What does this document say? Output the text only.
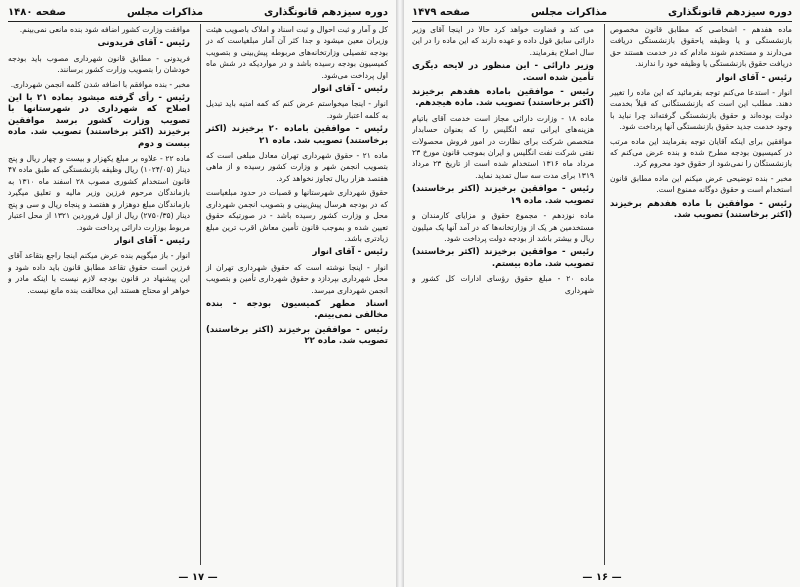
دوره سیزدهم قانونگذاری
مذاکرات مجلس
صفحه ۱۴۸۰

کل و آمار و ثبت احوال و ثبت اسناد و املاک باصویب هیئت وزیران معین میشود و جدا کثر آن آمار مبلغیاست که در بودجه تفصیلی وزارتخانه‌های مربوطه پیش‌بینی و بتصویب کمیسیون بودجه رسیده باشد و در مواردیکه در شش ماه اول پرداخت می‌شود.

رئیس - آقای انوار

انوار - اینجا میخواستم عرض کنم که کمه امتیه باید تبدیل به کلمه اعتبار شود.

رئیس - موافقین باماده ۲۰ برخیزند (اکثر برخاستند) تصویب شد. ماده ۲۱

ماده ۲۱ - حقوق شهرداری تهران معادل مبلغی است که بتصویب انجمن شهر و وزارت کشور رسیده و از ماهی هفتصد هزار ریال تجاوز نخواهد کرد.

حقوق شهرداری شهرستانها و قصبات در حدود مبلغیاست که در بودجه هرسال پیش‌بینی و بتصویب انجمن شهرداری محل و وزارت کشور رسیده باشد - در صورتیکه حقوق تعیین شده و بموجب قانون تأمین معاش اقرب ترین مبلغ زیادتری باشد.

رئیس - آقای انوار

انوار - اینجا نوشته است که حقوق شهرداری تهران از محل شهرداری بپردازد و حقوق شهرداری تأمین و بتصویب انجمن شهرداری میرسد.

اسناد مطهر کمیسیون بودجه - بنده مخالفی نمی‌بینم.

رئیس - موافقین برخیزند (اکثر برخاستند) تصویب شد. ماده ۲۲

موافقت وزارت کشور اضافه شود بنده مانعی نمی‌بینم.

رئیس - آقای فریدونی

فریدونی - مطابق قانون شهرداری مصوب باید بودجه خودشان را بتصویب وزارت کشور برسانند.

مخبر - بنده موافقم با اضافه شدن کلمه انجمن شهرداری.

رئیس - رأی گرفته میشود بماده ۲۱ با این اصلاح که شهرداری در شهرستانها با تصویب وزارت کشور برسد موافقین برخیزند (اکثر برخاستند) تصویب شد. ماده بیست و دوم

ماده ۲۲ - علاوه بر مبلغ یکهزار و بیست و چهار ریال و پنج دینار (۱۰۲۴/۰۵) ریال وظیفه بازنشستگی که طبق ماده ۴۷ قانون استخدام کشوری مصوب ۲۸ اسفند ماه ۱۳۱۰ به بازماندگان مرحوم فرزین وزیر مالیه و تعلیق میگیرد بازماندگان مبلغ دوهزار و هفتصد و پنجاه ریال و سی و پنج دینار (۲۷۵۰/۳۵) ریال از اول فروردین ۱۳۲۱ از محل اعتبار مربوط بوزارت دارائی پرداخت شود.

رئیس - آقای انوار

انوار - باز میگویم بنده عرض میکنم اینجا راجع بتقاعد آقای فرزین است حقوق تقاعد مطابق قانون باید داده شود و این پیشنهاد در قانون بودجه لازم نیست با اینکه مادر و خواهر او محتاج هستند این مخالفت بنده مانع نیست.

— ۱۷ —
دوره سیزدهم قانونگذاری
مذاکرات مجلس
صفحه ۱۴۷۹

ماده هفدهم - اشخاصی که مطابق قانون مخصوص بازنشستگی و یا وظیفه یاحقوق بازنشستگی دریافت می‌دارند و مستخدم شوند مادام که در خدمت هستند حق دریافت حقوق بازنشستگی یا وظیفه خود را ندارند.

رئیس - آقای انوار

انوار - استدعا می‌کنم توجه بفرمائید که این ماده را تغییر دهند. مطلب این است که بازنشستگانی که قبلاً بخدمت دولت بوده‌اند و حقوق بازنشستگی گرفته‌اند چرا نباید با وجود خدمت جدید حقوق بازنشستگی آنها پرداخت شود.

موافقین برای اینکه آقایان توجه بفرمایند این ماده مرتب در کمیسیون بودجه مطرح شده و بنده عرض می‌کنم که بازنشستگان را نمی‌شود از حقوق خود محروم کرد.

مخبر - بنده توضیحی عرض میکنم این ماده مطابق قانون استخدام است و حقوق دوگانه ممنوع است.

رئیس - موافقین با ماده هفدهم برخیزند (اکثر برخاستند) تصویب شد.

می کند و قضاوت خواهد کرد حالا در اینجا آقای وزیر دارائی سابق قول داده و عهده دارند که این ماده را در این سال اصلاح بفرمایند.

وزیر دارائی - این منظور در لایحه دیگری تأمین شده است.

رئیس - موافقین باماده هفدهم برخیزند (اکثر برخاستند) تصویب شد. ماده هیجدهم.

ماده ۱۸ - وزارت دارائی مجاز است خدمت آقای باتیام هزینه‌های ایرانی تبعه انگلیس را که بعنوان حسابدار متخصص شرکت برای نظارت در امور فروش محصولات نفتی شرکت نفت انگلیس و ایران بموجب قانون مورخ ۲۳ مرداد ماه ۱۳۱۶ استخدام شده است از تاریخ ۲۳ مرداد ۱۳۱۹ برای مدت سه سال تمدید نماید.

رئیس - موافقین برخیزند (اکثر برخاستند) تصویب شد. ماده ۱۹

ماده نوزدهم - مجموع حقوق و مزایای کارمندان و مستخدمین هر یک از وزارتخانه‌ها که در آمد آنها یک میلیون ریال و بیشتر باشد از بودجه دولت پرداخت شود.

رئیس - موافقین برخیزند (اکثر برخاستند) تصویب شد. ماده بیستم.

ماده ۲۰ - مبلغ حقوق رؤسای ادارات کل کشور و شهرداری

— ۱۶ —
